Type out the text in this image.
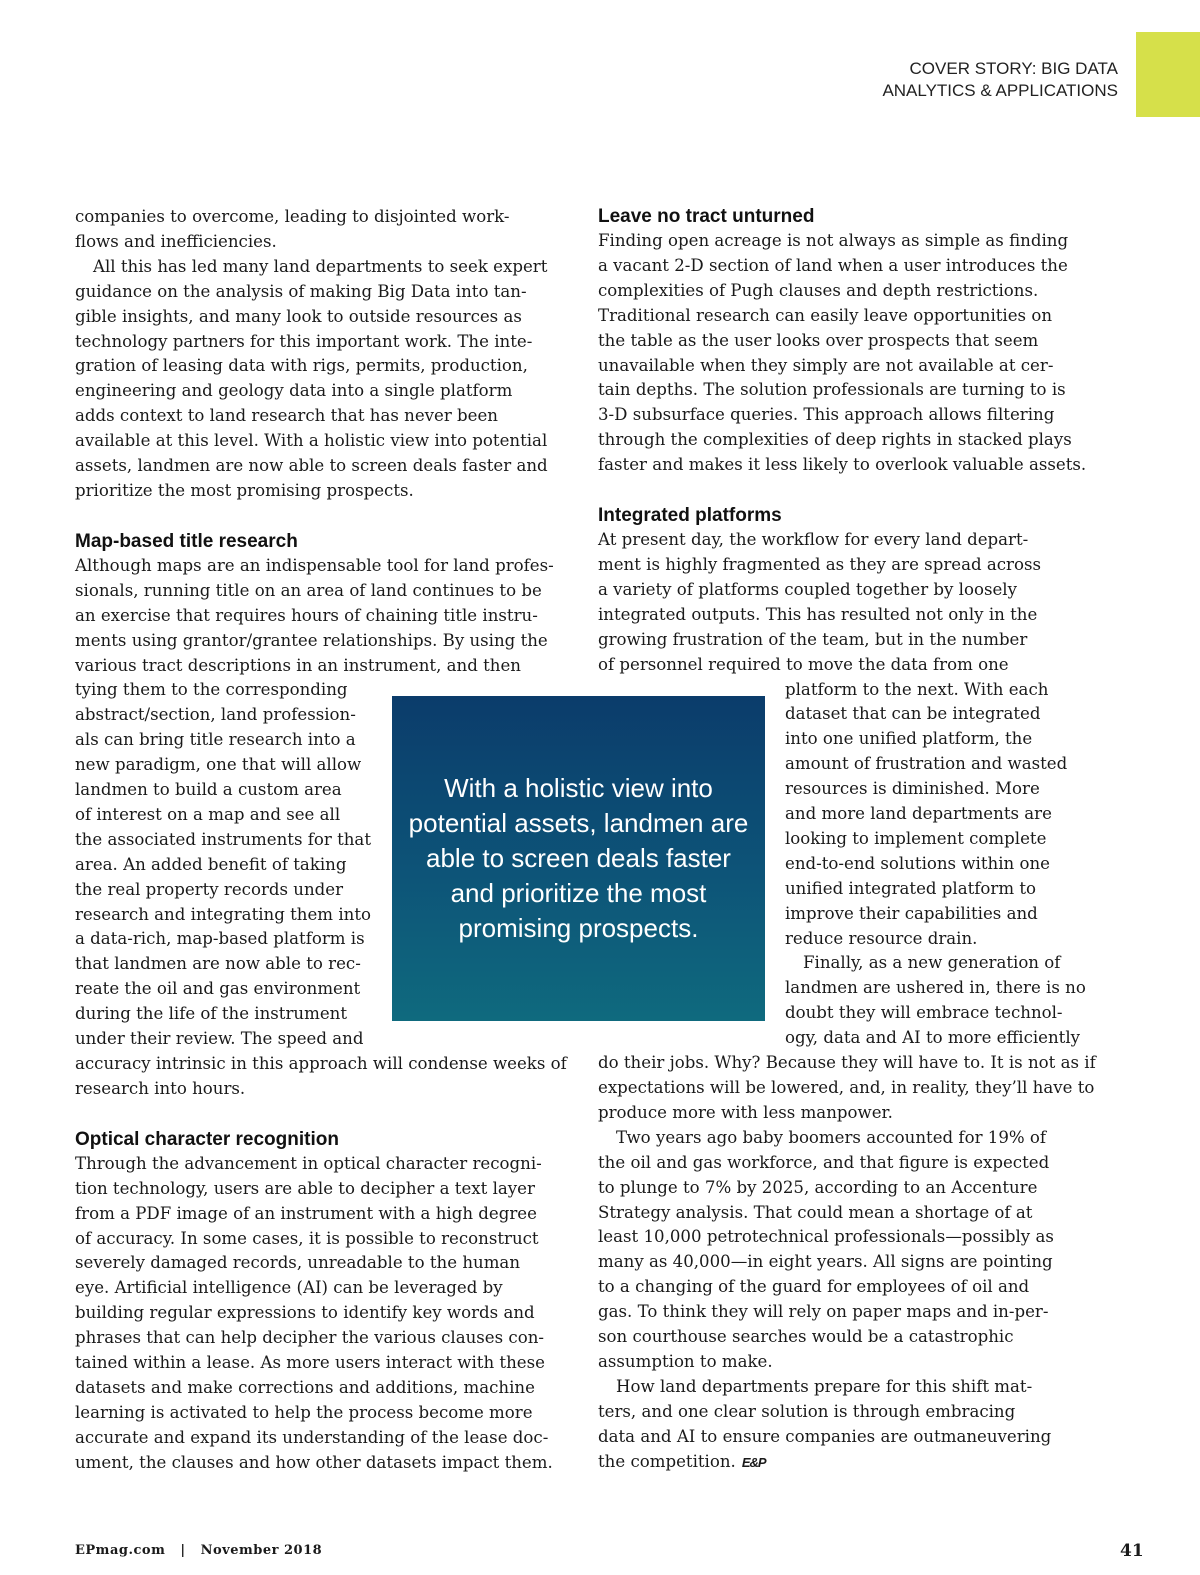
COVER STORY: BIG DATA
ANALYTICS & APPLICATIONS

companies to overcome, leading to disjointed work-
flows and inefficiencies.

All this has led many land departments to seek expert
guidance on the analysis of making Big Data into tan-
gible insights, and many look to outside resources as
technology partners for this important work. The inte-
gration of leasing data with rigs, permits, production,
engineering and geology data into a single platform
adds context to land research that has never been
available at this level. With a holistic view into potential
assets, landmen are now able to screen deals faster and
prioritize the most promising prospects.

Map-based title research

Although maps are an indispensable tool for land profes-
sionals, running title on an area of land continues to be
an exercise that requires hours of chaining title instru-
ments using grantor/grantee relationships. By using the
various tract descriptions in an instrument, and then

tying them to the corresponding
abstract/section, land profession-
als can bring title research into a
new paradigm, one that will allow
landmen to build a custom area
of interest on a map and see all
the associated instruments for that
area. An added benefit of taking
the real property records under
research and integrating them into
a data-rich, map-based platform is
that landmen are now able to rec-
reate the oil and gas environment
during the life of the instrument
under their review. The speed and

accuracy intrinsic in this approach will condense weeks of
research into hours.

Optical character recognition

Through the advancement in optical character recogni-
tion technology, users are able to decipher a text layer
from a PDF image of an instrument with a high degree
of accuracy. In some cases, it is possible to reconstruct
severely damaged records, unreadable to the human
eye. Artificial intelligence (AI) can be leveraged by
building regular expressions to identify key words and
phrases that can help decipher the various clauses con-
tained within a lease. As more users interact with these
datasets and make corrections and additions, machine
learning is activated to help the process become more
accurate and expand its understanding of the lease doc-
ument, the clauses and how other datasets impact them.

Leave no tract unturned

Finding open acreage is not always as simple as finding
a vacant 2-D section of land when a user introduces the
complexities of Pugh clauses and depth restrictions.
Traditional research can easily leave opportunities on
the table as the user looks over prospects that seem
unavailable when they simply are not available at cer-
tain depths. The solution professionals are turning to is
3-D subsurface queries. This approach allows filtering
through the complexities of deep rights in stacked plays
faster and makes it less likely to overlook valuable assets.

Integrated platforms

At present day, the workflow for every land depart-
ment is highly fragmented as they are spread across
a variety of platforms coupled together by loosely
integrated outputs. This has resulted not only in the
growing frustration of the team, but in the number
of personnel required to move the data from one

platform to the next. With each
dataset that can be integrated
into one unified platform, the
amount of frustration and wasted
resources is diminished. More
and more land departments are
looking to implement complete
end-to-end solutions within one
unified integrated platform to
improve their capabilities and
reduce resource drain.

Finally, as a new generation of
landmen are ushered in, there is no
doubt they will embrace technol-
ogy, data and AI to more efficiently

do their jobs. Why? Because they will have to. It is not as if
expectations will be lowered, and, in reality, they’ll have to
produce more with less manpower.

Two years ago baby boomers accounted for 19% of
the oil and gas workforce, and that figure is expected
to plunge to 7% by 2025, according to an Accenture
Strategy analysis. That could mean a shortage of at
least 10,000 petrotechnical professionals—possibly as
many as 40,000—in eight years. All signs are pointing
to a changing of the guard for employees of oil and
gas. To think they will rely on paper maps and in-per-
son courthouse searches would be a catastrophic
assumption to make.

How land departments prepare for this shift mat-
ters, and one clear solution is through embracing
data and AI to ensure companies are outmaneuvering
the competition. E&P

With a holistic view into potential assets, landmen are able to screen deals faster and prioritize the most promising prospects.
EPmag.com | November 2018	41
